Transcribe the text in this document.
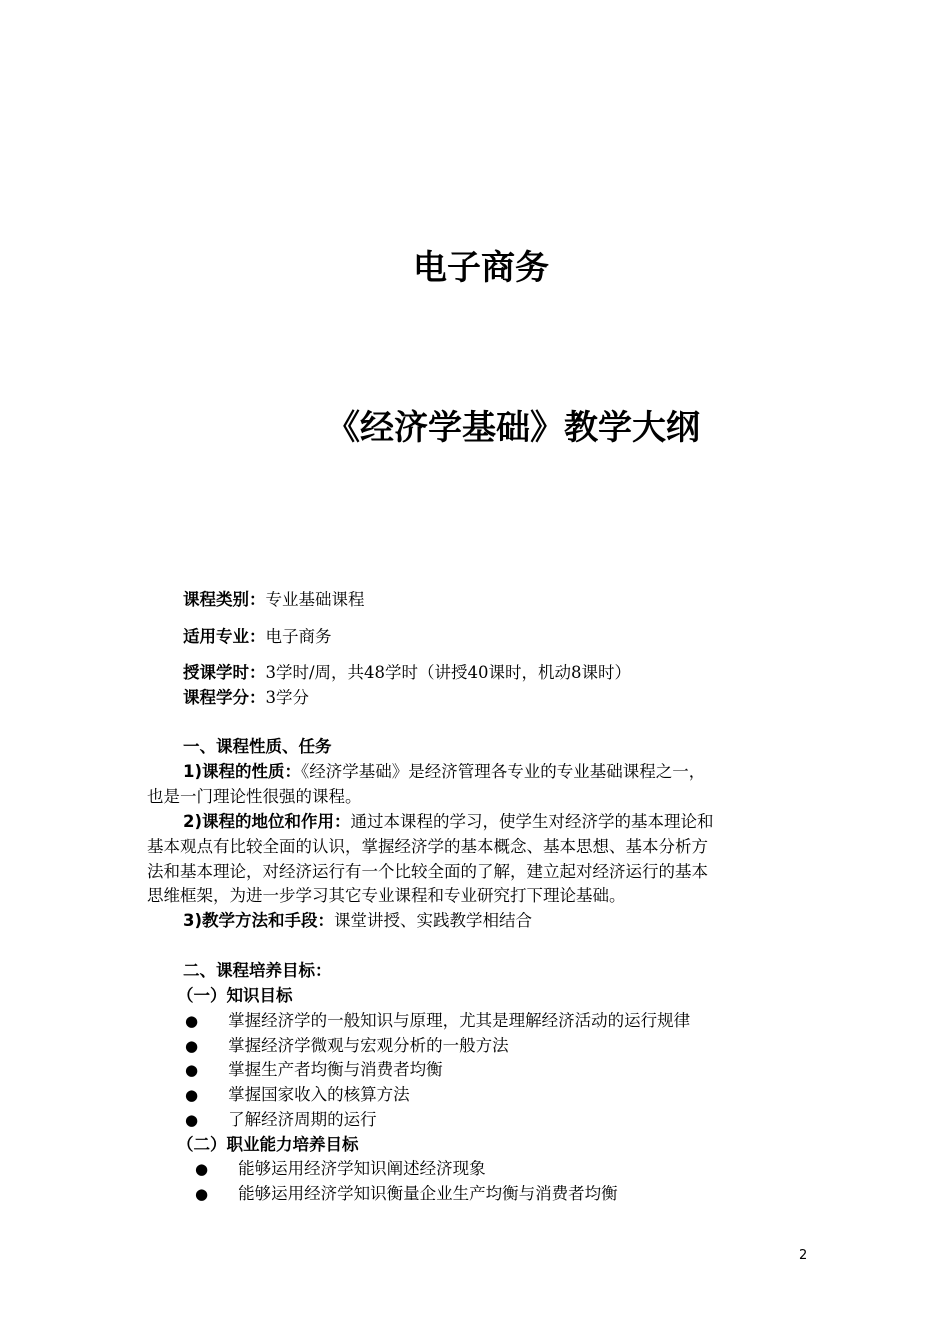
电子商务
《经济学基础》教学大纲
课程类别：专业基础课程
适用专业：电子商务
授课学时：3学时/周，共48学时（讲授40课时，机动8课时）
课程学分：3学分
一、课程性质、任务
1)课程的性质：《经济学基础》是经济管理各专业的专业基础课程之一，
也是一门理论性很强的课程。
2)课程的地位和作用：通过本课程的学习，使学生对经济学的基本理论和
基本观点有比较全面的认识，掌握经济学的基本概念、基本思想、基本分析方
法和基本理论，对经济运行有一个比较全面的了解，建立起对经济运行的基本
思维框架，为进一步学习其它专业课程和专业研究打下理论基础。
3)教学方法和手段：课堂讲授、实践教学相结合
二、课程培养目标：
（一）知识目标
● 掌握经济学的一般知识与原理，尤其是理解经济活动的运行规律
● 掌握经济学微观与宏观分析的一般方法
● 掌握生产者均衡与消费者均衡
● 掌握国家收入的核算方法
● 了解经济周期的运行
（二）职业能力培养目标
● 能够运用经济学知识阐述经济现象
● 能够运用经济学知识衡量企业生产均衡与消费者均衡
2
